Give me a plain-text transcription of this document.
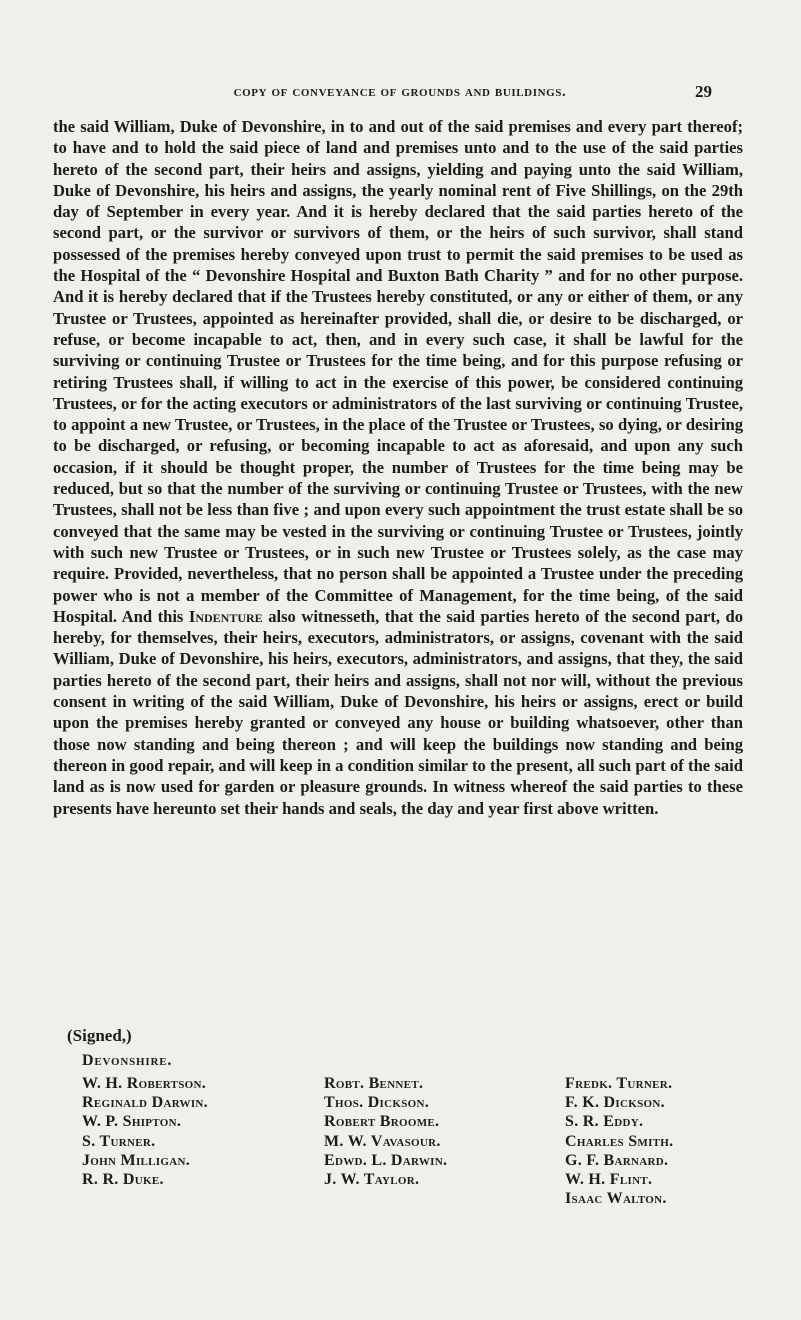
copy of conveyance of grounds and buildings.	29

the said William, Duke of Devonshire, in to and out of the said premises and every part thereof; to have and to hold the said piece of land and premises unto and to the use of the said parties hereto of the second part, their heirs and assigns, yielding and paying unto the said William, Duke of Devonshire, his heirs and assigns, the yearly nominal rent of Five Shillings, on the 29th day of September in every year. And it is hereby declared that the said parties hereto of the second part, or the survivor or survivors of them, or the heirs of such survivor, shall stand possessed of the premises hereby conveyed upon trust to permit the said premises to be used as the Hospital of the “ Devonshire Hospital and Buxton Bath Charity ” and for no other purpose. And it is hereby declared that if the Trustees hereby constituted, or any or either of them, or any Trustee or Trustees, appointed as hereinafter provided, shall die, or desire to be discharged, or refuse, or become incapable to act, then, and in every such case, it shall be lawful for the surviving or continuing Trustee or Trustees for the time being, and for this purpose refusing or retiring Trustees shall, if willing to act in the exercise of this power, be considered continuing Trustees, or for the acting executors or administrators of the last surviving or continuing Trustee, to appoint a new Trustee, or Trustees, in the place of the Trustee or Trustees, so dying, or desiring to be discharged, or refusing, or becoming incapable to act as aforesaid, and upon any such occasion, if it should be thought proper, the number of Trustees for the time being may be reduced, but so that the number of the surviving or continuing Trustee or Trustees, with the new Trustees, shall not be less than five ; and upon every such appointment the trust estate shall be so conveyed that the same may be vested in the surviving or continuing Trustee or Trustees, jointly with such new Trustee or Trustees, or in such new Trustee or Trustees solely, as the case may require. Provided, nevertheless, that no person shall be appointed a Trustee under the preceding power who is not a member of the Committee of Management, for the time being, of the said Hospital. And this Indenture also witnesseth, that the said parties hereto of the second part, do hereby, for themselves, their heirs, executors, administrators, or assigns, covenant with the said William, Duke of Devonshire, his heirs, executors, administrators, and assigns, that they, the said parties hereto of the second part, their heirs and assigns, shall not nor will, without the previous consent in writing of the said William, Duke of Devonshire, his heirs or assigns, erect or build upon the premises hereby granted or conveyed any house or building whatsoever, other than those now standing and being thereon ; and will keep the buildings now standing and being thereon in good repair, and will keep in a condition similar to the present, all such part of the said land as is now used for garden or pleasure grounds. In witness whereof the said parties to these presents have hereunto set their hands and seals, the day and year first above written.

(Signed,)
Devonshire.
W. H. Robertson.
Reginald Darwin.
W. P. Shipton.
S. Turner.
John Milligan.
R. R. Duke.
Robt. Bennet.
Thos. Dickson.
Robert Broome.
M. W. Vavasour.
Edwd. L. Darwin.
J. W. Taylor.
Fredk. Turner.
F. K. Dickson.
S. R. Eddy.
Charles Smith.
G. F. Barnard.
W. H. Flint.
Isaac Walton.
